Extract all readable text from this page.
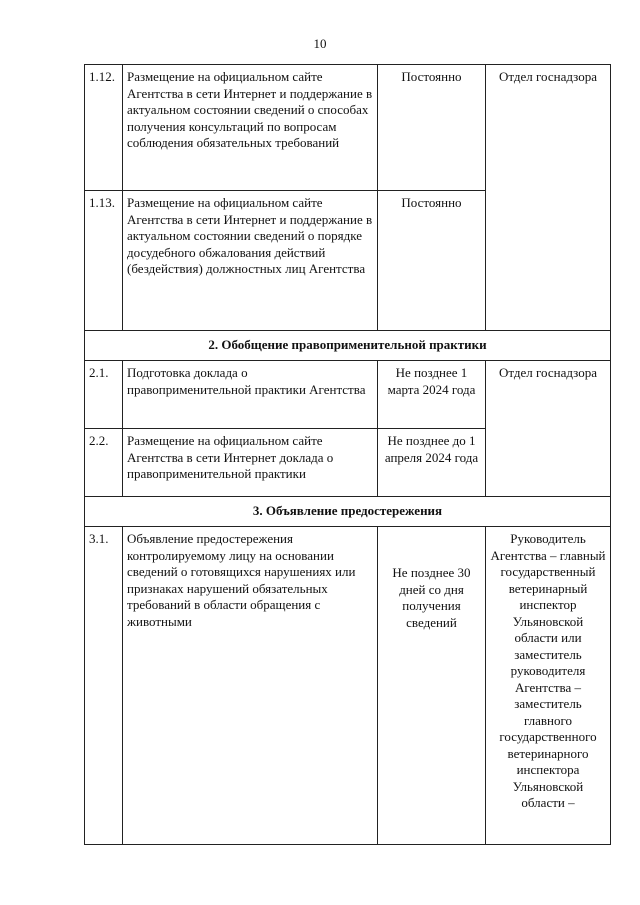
10
1.12.	Размещение на официальном сайте Агентства в сети Интернет и поддержание в актуальном состоянии сведений о способах получения консультаций по вопросам соблюдения обязательных требований	Постоянно	Отдел госнадзора
1.13.	Размещение на официальном сайте Агентства в сети Интернет и поддержание в актуальном состоянии сведений о порядке досудебного обжалования действий (бездействия) должностных лиц Агентства	Постоянно	
2. Обобщение правоприменительной практики			
2.1.	Подготовка доклада о правоприменительной практики Агентства	Не позднее 1 марта 2024 года	Отдел госнадзора
2.2.	Размещение на официальном сайте Агентства в сети Интернет доклада о правоприменительной практики	Не позднее до 1 апреля 2024 года	
3. Объявление предостережения			
3.1.	Объявление предостережения контролируемому лицу на основании сведений о готовящихся нарушениях или признаках нарушений обязательных требований в области обращения с животными	Не позднее 30 дней со дня получения сведений	Руководитель Агентства – главный государственный ветеринарный инспектор Ульяновской области или заместитель руководителя Агентства – заместитель главного государственного ветеринарного инспектора Ульяновской области –
